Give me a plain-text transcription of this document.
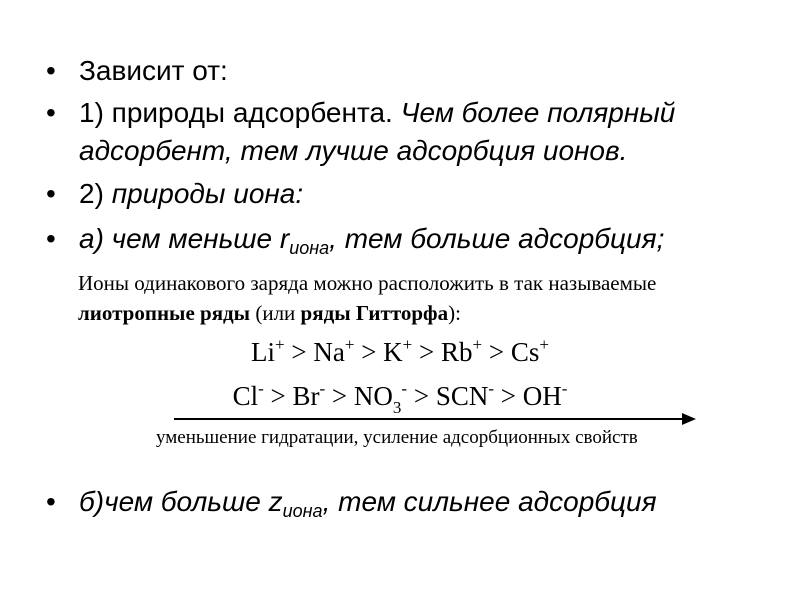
• Зависит от:
• 1) природы адсорбента. Чем более полярный адсорбент, тем лучше адсорбция ионов.
• 2) природы иона:
• а) чем меньше $r_{иона}$, тем больше адсорбция;
Ионы одинакового заряда можно расположить в так называемые лиотропные ряды (или ряды Гитторфа):
Li+ > Na+ > K+ > Rb+ > Cs+
$Cl^- > Br^- > NO_3^- > SCN^- > OH^-$
уменьшение гидратации, усиление адсорбционных свойств
• б)чем больше $z_{иона}$, тем сильнее адсорбция
